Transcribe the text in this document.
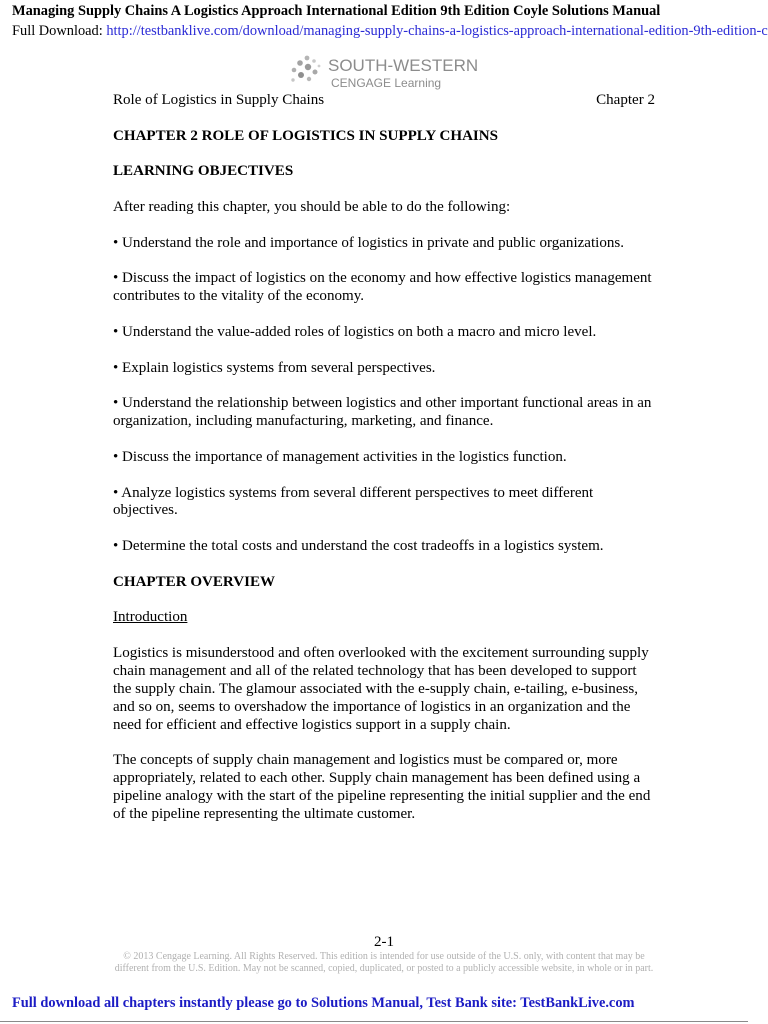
Managing Supply Chains A Logistics Approach International Edition 9th Edition Coyle Solutions Manual
Full Download: http://testbanklive.com/download/managing-supply-chains-a-logistics-approach-international-edition-9th-edition-c
SOUTH-WESTERN
CENGAGE Learning
Role of Logistics in Supply Chains	Chapter 2
CHAPTER 2 ROLE OF LOGISTICS IN SUPPLY CHAINS
LEARNING OBJECTIVES
After reading this chapter, you should be able to do the following:
• Understand the role and importance of logistics in private and public organizations.
• Discuss the impact of logistics on the economy and how effective logistics management
contributes to the vitality of the economy.
• Understand the value-added roles of logistics on both a macro and micro level.
• Explain logistics systems from several perspectives.
• Understand the relationship between logistics and other important functional areas in an
organization, including manufacturing, marketing, and finance.
• Discuss the importance of management activities in the logistics function.
• Analyze logistics systems from several different perspectives to meet different
objectives.
• Determine the total costs and understand the cost tradeoffs in a logistics system.
CHAPTER OVERVIEW
Introduction
Logistics is misunderstood and often overlooked with the excitement surrounding supply
chain management and all of the related technology that has been developed to support
the supply chain. The glamour associated with the e-supply chain, e-tailing, e-business,
and so on, seems to overshadow the importance of logistics in an organization and the
need for efficient and effective logistics support in a supply chain.
The concepts of supply chain management and logistics must be compared or, more
appropriately, related to each other. Supply chain management has been defined using a
pipeline analogy with the start of the pipeline representing the initial supplier and the end
of the pipeline representing the ultimate customer.
2-1
© 2013 Cengage Learning. All Rights Reserved. This edition is intended for use outside of the U.S. only, with content that may be
different from the U.S. Edition. May not be scanned, copied, duplicated, or posted to a publicly accessible website, in whole or in part.
Full download all chapters instantly please go to Solutions Manual, Test Bank site: TestBankLive.com
